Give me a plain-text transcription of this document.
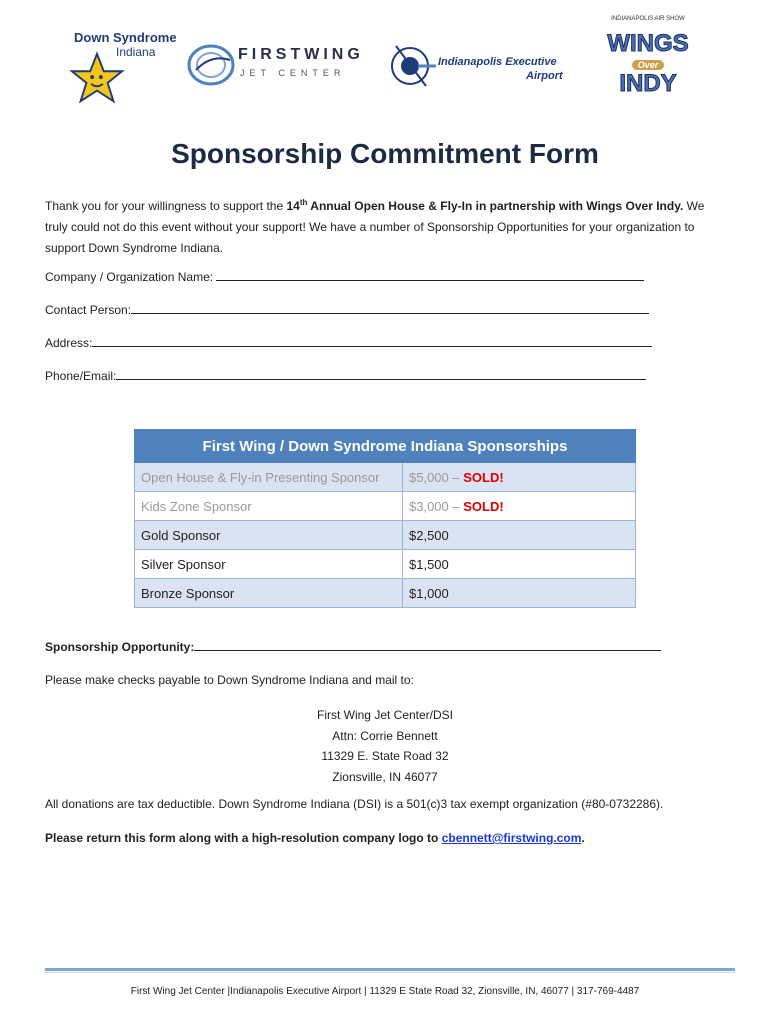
Down Syndrome
Indiana	FIRSTWING
JET CENTER
Indianapolis Executive
Airport
INDIANAPOLIS AIR SHOW
WINGS
Over
INDY
Sponsorship Commitment Form
Thank you for your willingness to support the 14th Annual Open House & Fly-In in partnership with Wings Over Indy. We truly could not do this event without your support! We have a number of Sponsorship Opportunities for your organization to support Down Syndrome Indiana.
Company / Organization Name:
Contact Person:
Address:
Phone/Email:
First Wing / Down Syndrome Indiana Sponsorships	
Open House & Fly-in Presenting Sponsor	$5,000 – SOLD!
Kids Zone Sponsor	$3,000 – SOLD!
Gold Sponsor	$2,500
Silver Sponsor	$1,500
Bronze Sponsor	$1,000
Sponsorship Opportunity:
Please make checks payable to Down Syndrome Indiana and mail to:
First Wing Jet Center/DSI
Attn: Corrie Bennett
11329 E. State Road 32
Zionsville, IN 46077
All donations are tax deductible. Down Syndrome Indiana (DSI) is a 501(c)3 tax exempt organization (#80-0732286).
Please return this form along with a high-resolution company logo to cbennett@firstwing.com.
First Wing Jet Center |Indianapolis Executive Airport | 11329 E State Road 32, Zionsville, IN, 46077 | 317-769-4487
